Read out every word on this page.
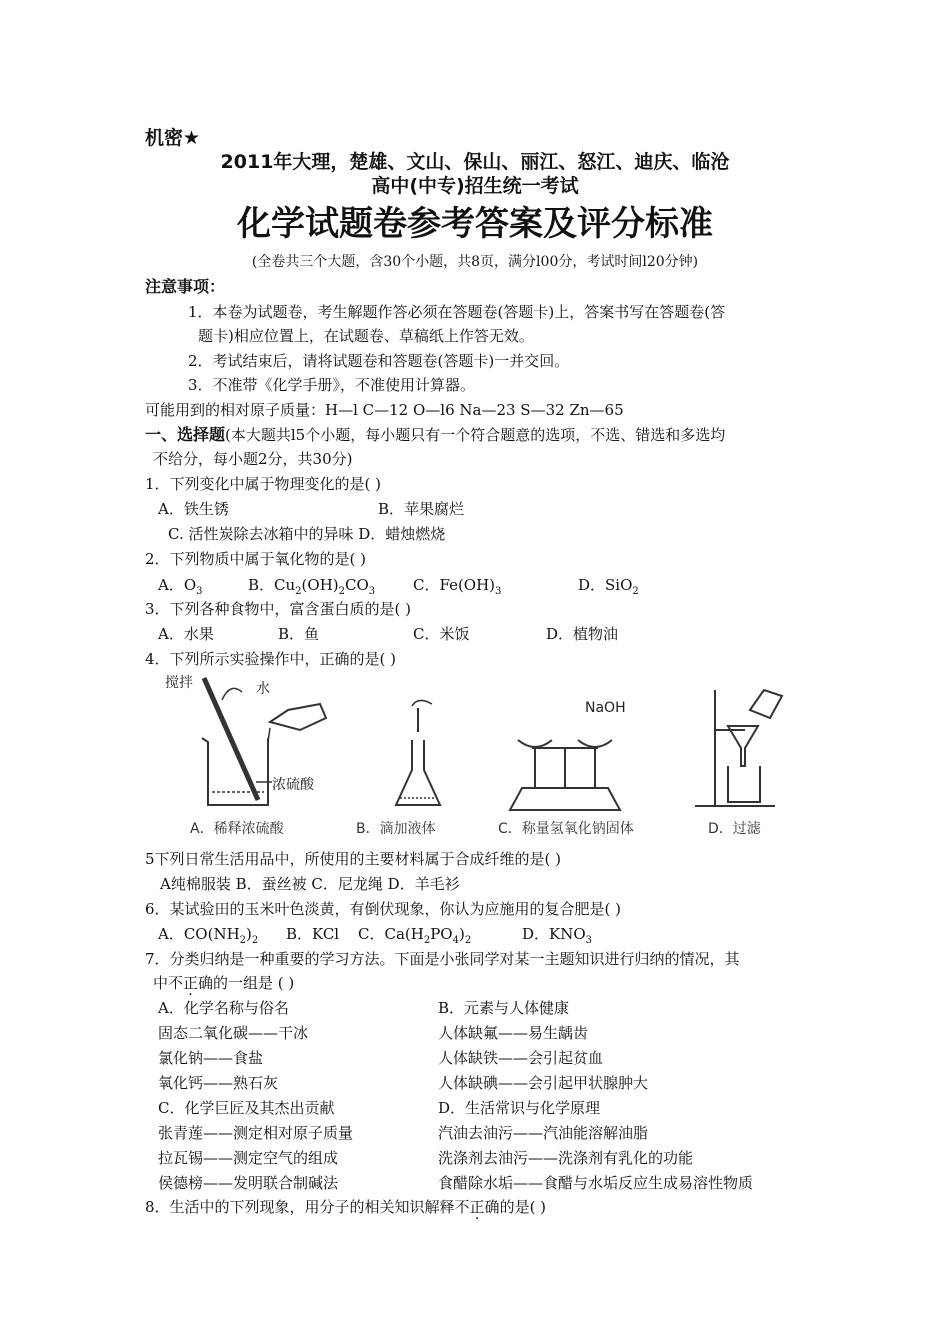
机密★
2011年大理，楚雄、文山、保山、丽江、怒江、迪庆、临沧
高中(中专)招生统一考试
化学试题卷参考答案及评分标准
(全卷共三个大题，含30个小题，共8页，满分l00分，考试时间l20分钟)
注意事项：
1．本卷为试题卷，考生解题作答必须在答题卷(答题卡)上，答案书写在答题卷(答
题卡)相应位置上，在试题卷、草稿纸上作答无效。
2．考试结束后，请将试题卷和答题卷(答题卡)一并交回。
3．不准带《化学手册》，不准使用计算器。
可能用到的相对原子质量：H—l C—12 O—l6 Na—23 S—32 Zn—65
一、选择题(本大题共l5个小题，每小题只有一个符合题意的选项，不选、错选和多选均
不给分，每小题2分，共30分)
1．下列变化中属于物理变化的是( )
A．铁生锈	B．苹果腐烂
C. 活性炭除去冰箱中的异味 D．蜡烛燃烧
2．下列物质中属于氧化物的是( )
A．$O_3$	B．$Cu_2(OH)_2CO_3$	C．$Fe(OH)_3$	D．SiO$_2$
3．下列各种食物中，富含蛋白质的是( )
A．水果	B．鱼	C．米饭	D．植物油
4．下列所示实验操作中，正确的是( )
搅拌	水
浓硫酸
NaOH
A．稀释浓硫酸	B．滴加液体	C．称量氢氧化钠固体	D．过滤
5下列日常生活用品中，所使用的主要材料属于合成纤维的是( )
A纯棉服装 B．蚕丝被 C．尼龙绳 D．羊毛衫
6．某试验田的玉米叶色淡黄，有倒伏现象，你认为应施用的复合肥是( )
A．$CO(NH_2)_2$ B．KCl C．$Ca(H_2PO_4)_2$	D．$KNO_3$
7．分类归纳是一种重要的学习方法。下面是小张同学对某一主题知识进行归纳的情况，其
中不正确的一组是 ( )
A．化学名称与俗名
固态二氧化碳——干冰
氯化钠——食盐
氧化钙——熟石灰
B．元素与人体健康
人体缺氟——易生龋齿
人体缺铁——会引起贫血
人体缺碘——会引起甲状腺肿大
C．化学巨匠及其杰出贡献
张青莲——测定相对原子质量
拉瓦锡——测定空气的组成
侯德榜——发明联合制碱法
D．生活常识与化学原理
汽油去油污——汽油能溶解油脂
洗涤剂去油污——洗涤剂有乳化的功能
食醋除水垢——食醋与水垢反应生成易溶性物质
8．生活中的下列现象，用分子的相关知识解释不正确的是( )
